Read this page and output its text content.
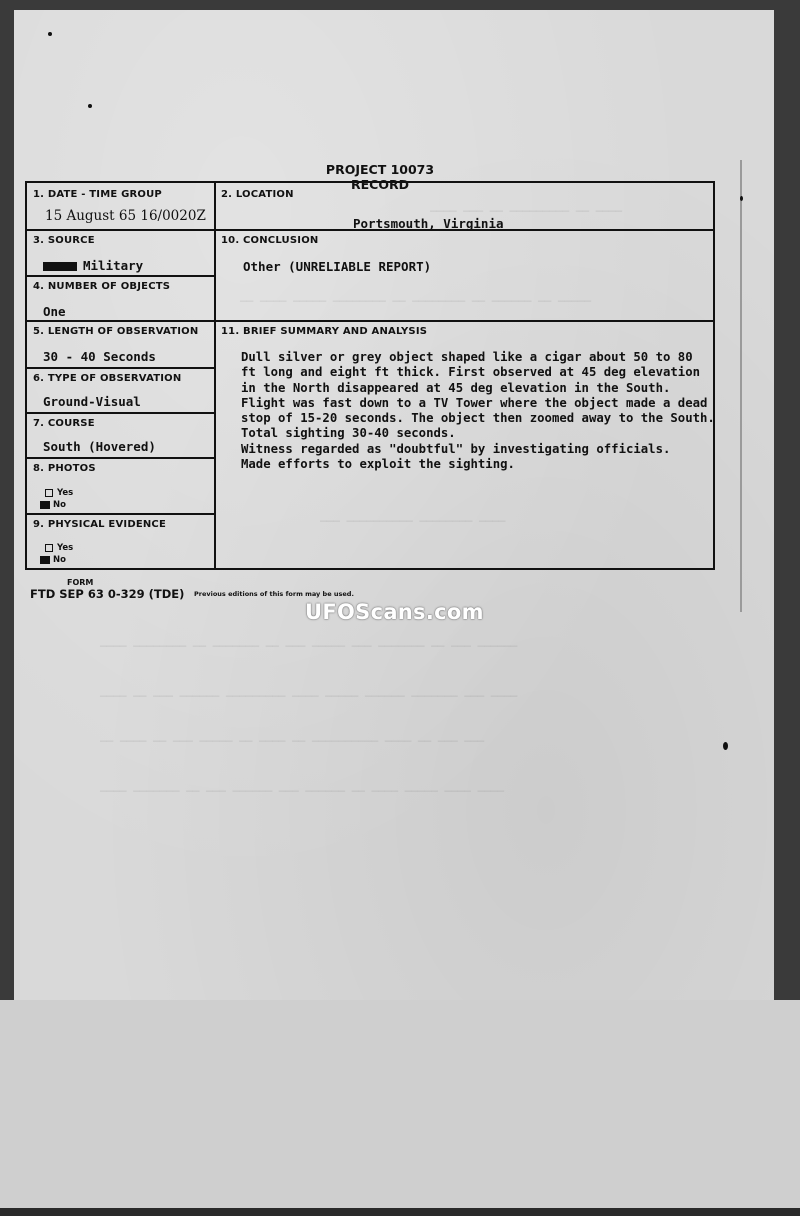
──── ─── ── ───────── ── ────
── ──── ───── ──────── ── ──────── ── ────── ── ─────
─── ────────── ──────── ────
──── ──────── ── ─────── ── ─── ───── ─── ─────── ── ─── ──────
──── ── ─── ────── ───────── ──── ───── ────── ─────── ─── ────
── ──── ── ─── ───── ── ──── ── ────────── ──── ── ─── ───
──── ─────── ── ─── ────── ─── ────── ── ──── ───── ──── ────
PROJECT 10073 RECORD
1. DATE - TIME GROUP
15 August 65 16/0020Z
2. LOCATION
Portsmouth, Virginia
3. SOURCE
Military
10. CONCLUSION
Other (UNRELIABLE REPORT)
4. NUMBER OF OBJECTS
One
5. LENGTH OF OBSERVATION
30 - 40 Seconds
11. BRIEF SUMMARY AND ANALYSIS
Dull silver or grey object shaped like a cigar about 50 to 80
ft long and eight ft thick. First observed at 45 deg elevation
in the North disappeared at 45 deg elevation in the South.
Flight was fast down to a TV Tower where the object made a dead
stop of 15-20 seconds. The object then zoomed away to the South.
Total sighting 30-40 seconds.
Witness regarded as "doubtful" by investigating officials.
Made efforts to exploit the sighting.
6. TYPE OF OBSERVATION
Ground-Visual
7. COURSE
South (Hovered)
8. PHOTOS
Yes
No
9. PHYSICAL EVIDENCE
Yes
No
FORM
FTD SEP 63 0-329 (TDE) Previous editions of this form may be used.
UFOScans.com
